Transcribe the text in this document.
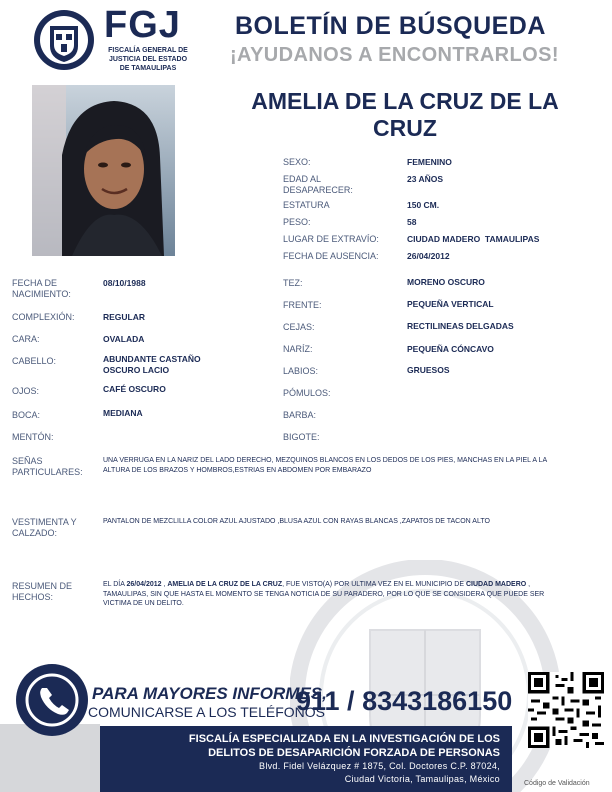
FGJ
FISCALÍA GENERAL DE
JUSTICIA DEL ESTADO
DE TAMAULIPAS
BOLETÍN DE BÚSQUEDA
¡AYUDANOS A ENCONTRARLOS!
AMELIA DE LA CRUZ DE LA CRUZ
SEXO:	FEMENINO
EDAD AL DESAPARECER:
23 AÑOS
ESTATURA	150 CM.
PESO:	58
LUGAR DE EXTRAVÍO:	CIUDAD MADERO  TAMAULIPAS
FECHA DE AUSENCIA:	26/04/2012
FECHA DE NACIMIENTO:
08/10/1988
COMPLEXIÓN:	REGULAR
CARA:	OVALADA
CABELLO:	ABUNDANTE CASTAÑO OSCURO LACIO
OJOS:	CAFÉ OSCURO
BOCA:	MEDIANA
MENTÓN:
TEZ:	MORENO OSCURO
FRENTE:	PEQUEÑA VERTICAL
CEJAS:	RECTILINEAS DELGADAS
NARÍZ:	PEQUEÑA CÓNCAVO
LABIOS:	GRUESOS
PÓMULOS:
BARBA:
BIGOTE:
SEÑAS PARTICULARES:
UNA VERRUGA EN LA NARIZ DEL LADO DERECHO, MEZQUINOS BLANCOS EN LOS DEDOS DE LOS PIES, MANCHAS EN LA PIEL A LA ALTURA DE LOS BRAZOS Y HOMBROS,ESTRIAS EN ABDOMEN POR EMBARAZO
VESTIMENTA Y CALZADO:
PANTALON DE MEZCLILLA COLOR AZUL AJUSTADO ,BLUSA AZUL CON RAYAS BLANCAS ,ZAPATOS DE TACON ALTO
RESUMEN DE HECHOS:
EL DÍA 26/04/2012 , AMELIA DE LA CRUZ DE LA CRUZ, FUE VISTO(A) POR ULTIMA VEZ EN EL MUNICIPIO DE CIUDAD MADERO , TAMAULIPAS, SIN QUE HASTA EL MOMENTO SE TENGA NOTICIA DE SU PARADERO, POR LO QUE SE CONSIDERA QUE PUEDE SER VICTIMA DE UN DELITO.
PARA MAYORES INFORMES,
COMUNICARSE A LOS TELÉFONOS
911 / 8343186150
FISCALÍA ESPECIALIZADA EN LA INVESTIGACIÓN DE LOS
DELITOS DE DESAPARICIÓN FORZADA DE PERSONAS
Blvd. Fidel Velázquez # 1875, Col. Doctores C.P. 87024,
Ciudad Victoria, Tamaulipas, México	Código de Validación
